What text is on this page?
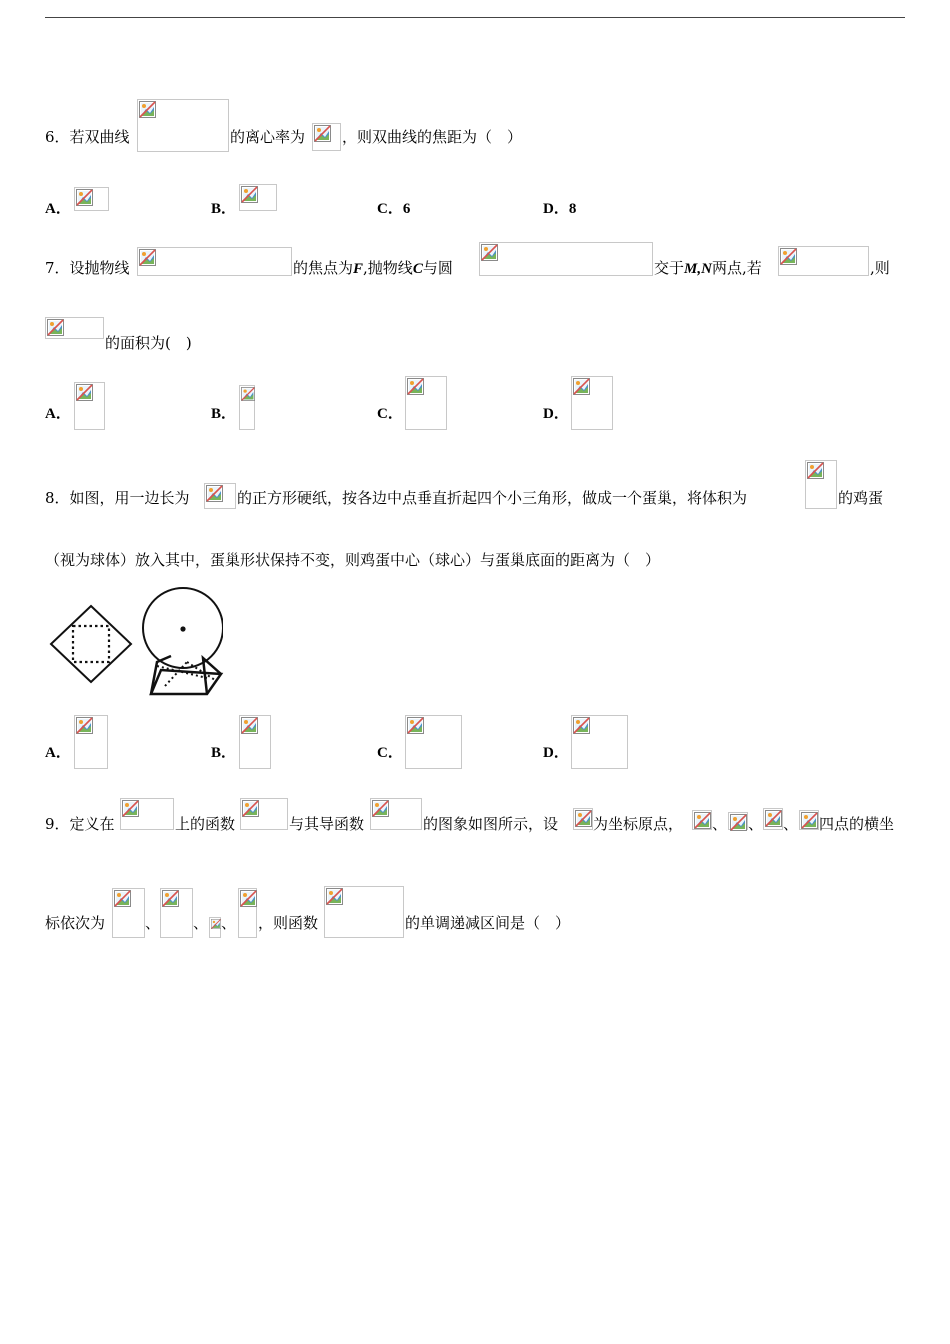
6．若双曲线	的离心率为 ，则双曲线的焦距为（　）
A．	B．	C．6	D．8
7．设抛物线	的焦点为F,抛物线C与圆	交于M,N两点,若	,则
的面积为(　)
A．	B．	C．	D．
8．如图，用一边长为	的正方形硬纸，按各边中点垂直折起四个小三角形，做成一个蛋巢，将体积为	的鸡蛋
（视为球体）放入其中，蛋巢形状保持不变，则鸡蛋中心（球心）与蛋巢底面的距离为（　）
A．	B．	C．	D．
9．定义在	上的函数	与其导函数	的图象如图所示，设 为坐标原点， 、 、 、 四点的横坐
标依次为	、 、 、 ，则函数	的单调递减区间是（　）
